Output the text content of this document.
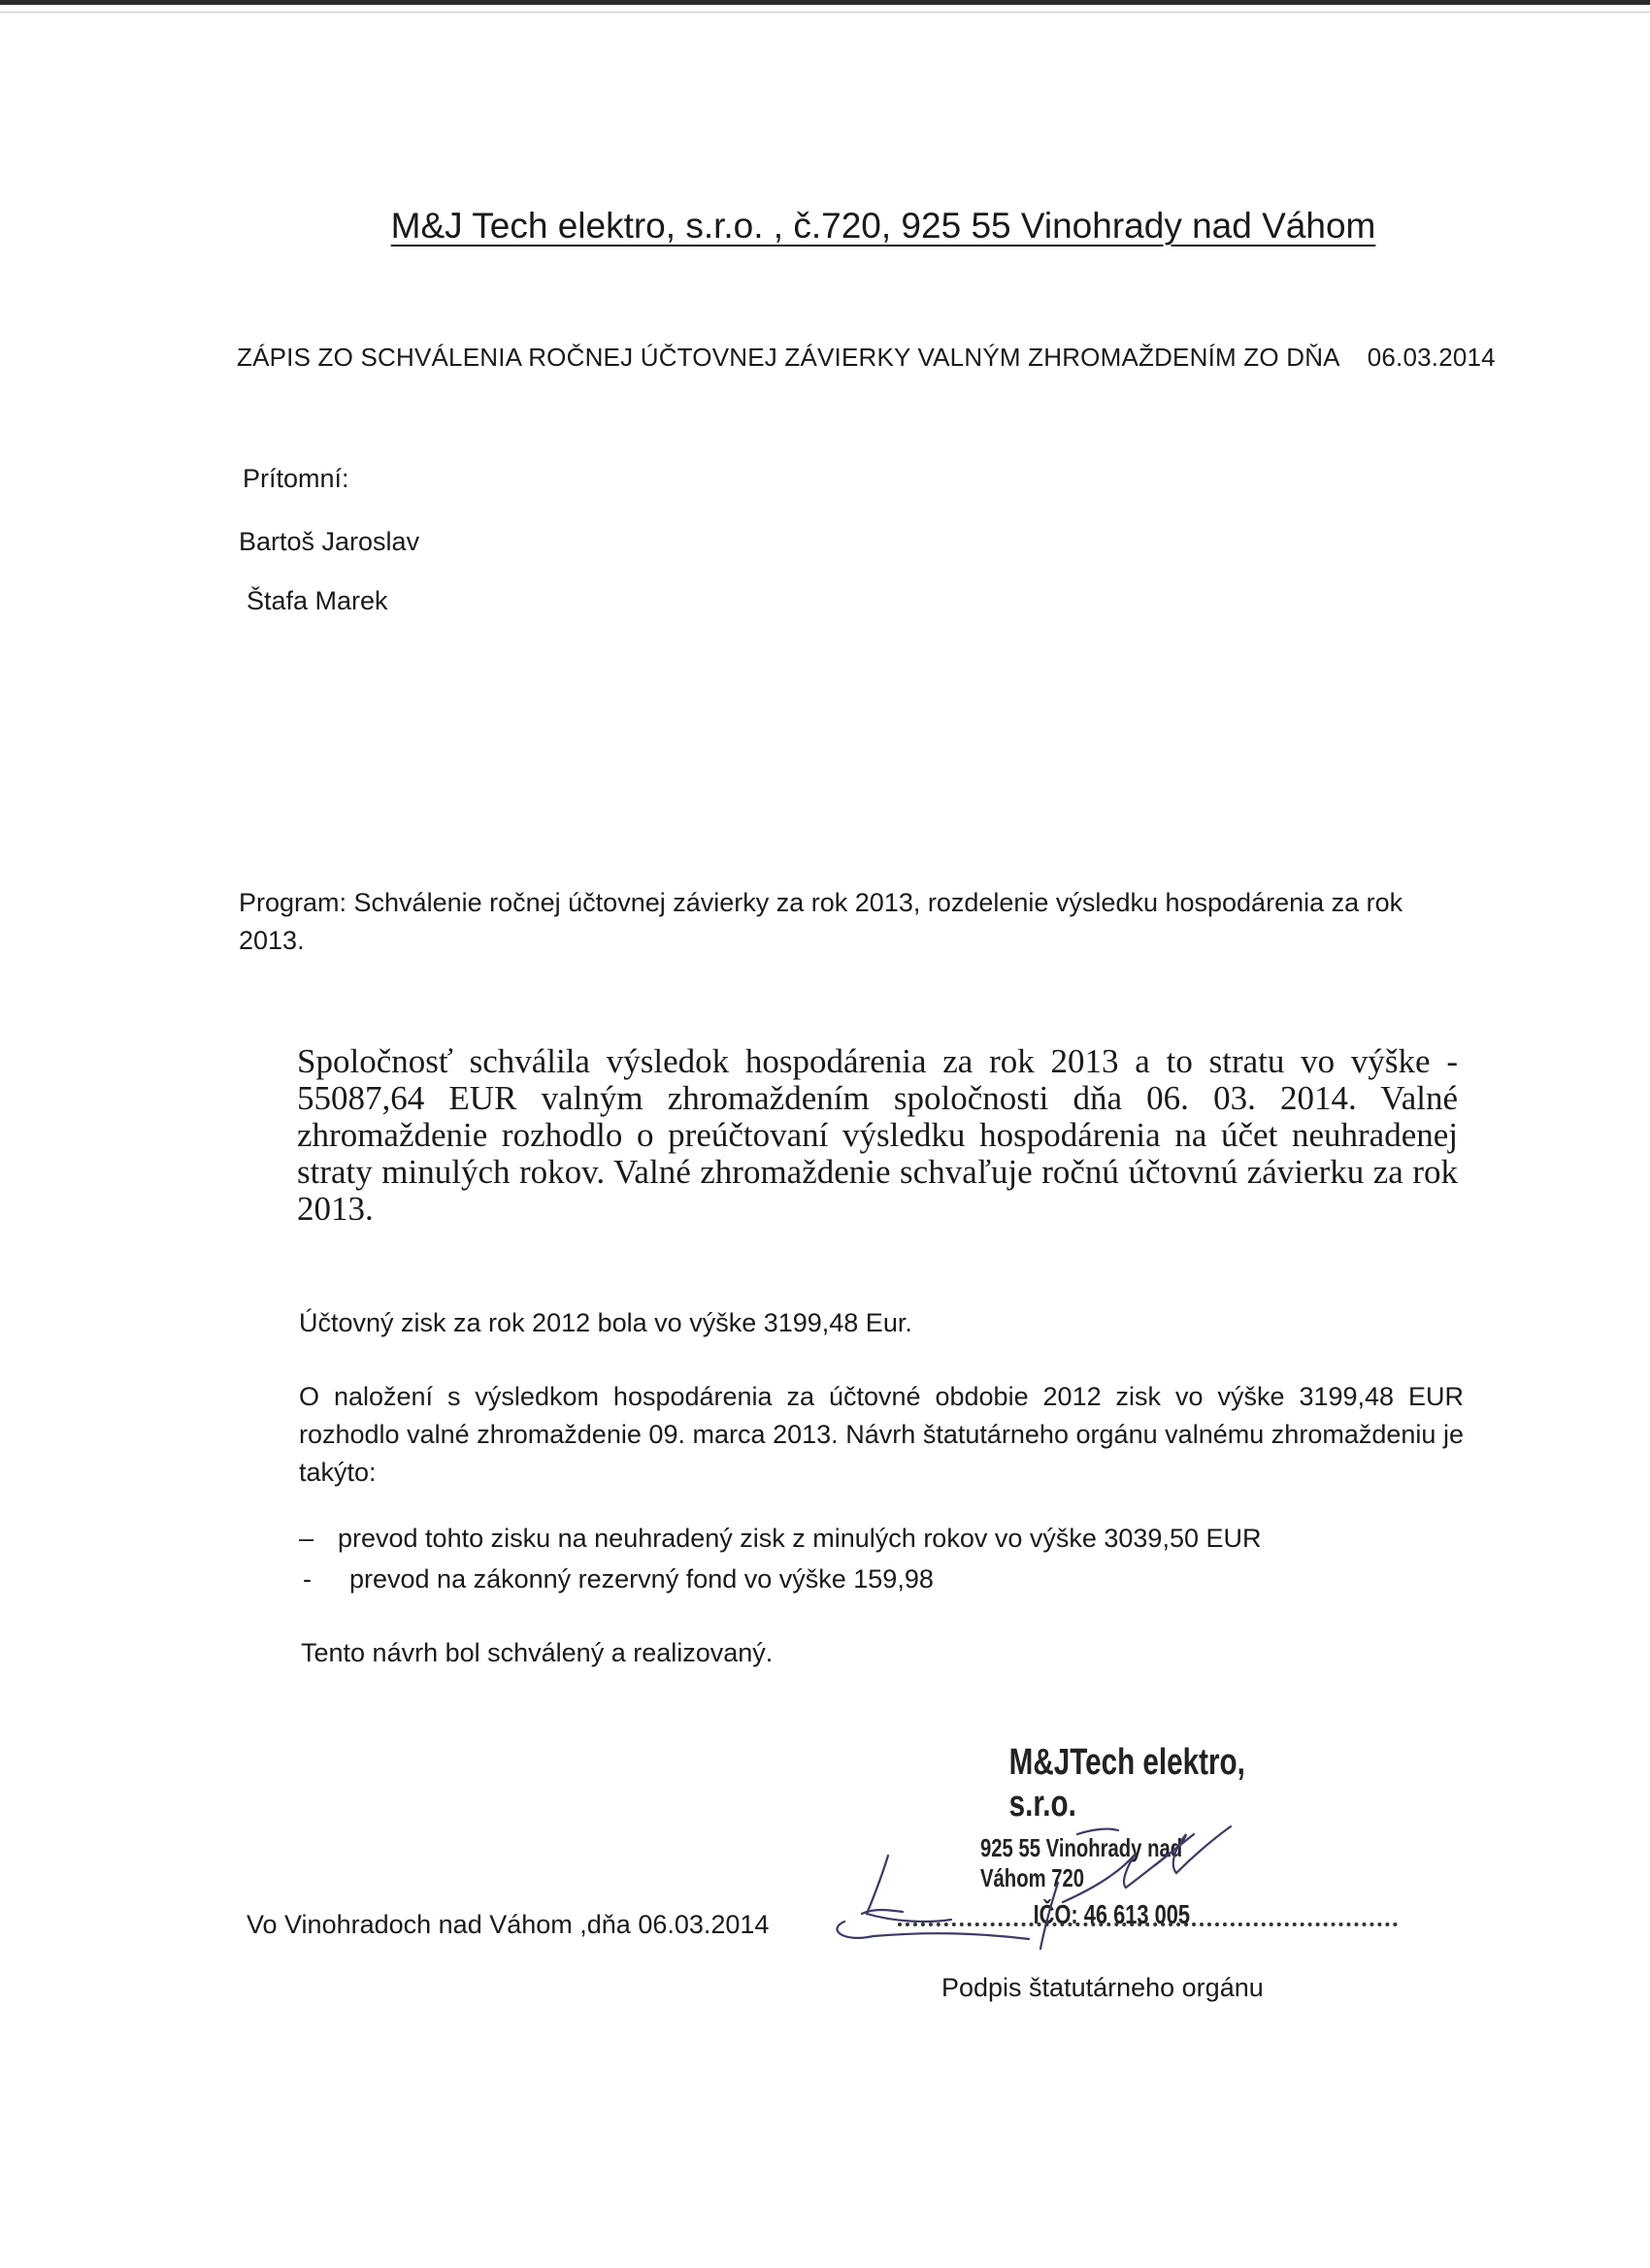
M&J Tech elektro, s.r.o. , č.720, 925 55 Vinohrady nad Váhom
ZÁPIS ZO SCHVÁLENIA ROČNEJ ÚČTOVNEJ ZÁVIERKY VALNÝM ZHROMAŽDENÍM ZO DŇA 06.03.2014
Prítomní:
Bartoš Jaroslav
Štafa Marek
Program: Schválenie ročnej účtovnej závierky za rok 2013, rozdelenie výsledku hospodárenia za rok 2013.
Spoločnosť schválila výsledok hospodárenia za rok 2013 a to stratu vo výške - 55087,64 EUR valným zhromaždením spoločnosti dňa 06. 03. 2014. Valné zhromaždenie rozhodlo o preúčtovaní výsledku hospodárenia na účet neuhradenej straty minulých rokov. Valné zhromaždenie schvaľuje ročnú účtovnú závierku za rok 2013.
Účtovný zisk za rok 2012 bola vo výške 3199,48 Eur.
O naložení s výsledkom hospodárenia za účtovné obdobie 2012 zisk vo výške 3199,48 EUR rozhodlo valné zhromaždenie 09. marca 2013. Návrh štatutárneho orgánu valnému zhromaždeniu je takýto:
– prevod tohto zisku na neuhradený zisk z minulých rokov vo výške 3039,50 EUR
- prevod na zákonný rezervný fond vo výške 159,98
Tento návrh bol schválený a realizovaný.
M&JTech elektro, s.r.o.
925 55 Vinohrady nad Váhom 720
IČO: 46 613 005
Vo Vinohradoch nad Váhom ,dňa 06.03.2014
Podpis štatutárneho orgánu
